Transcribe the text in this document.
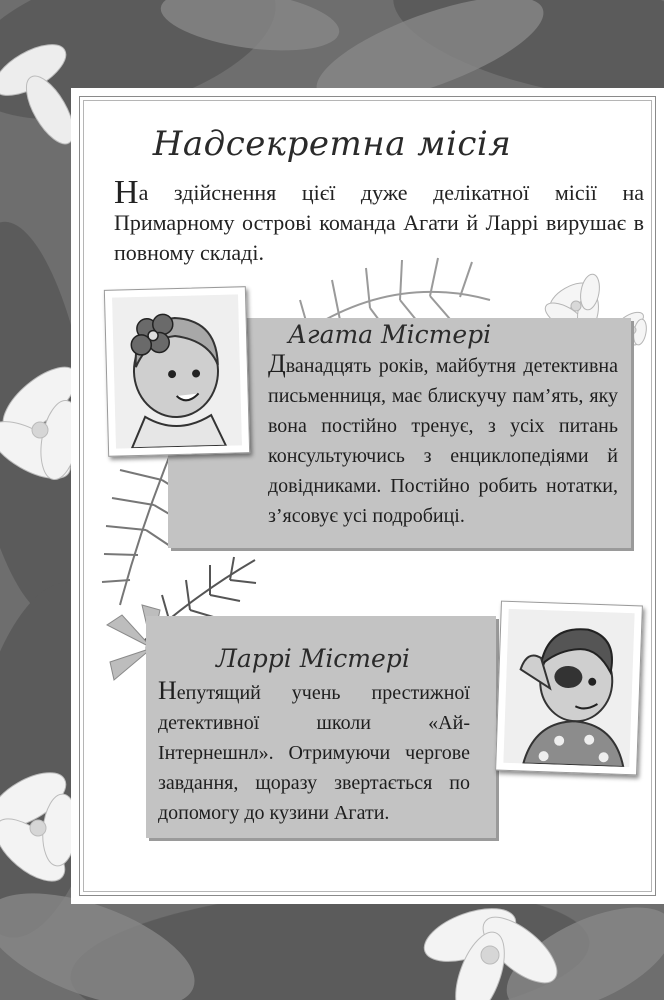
Надсекретна місія
На здійснення цієї дуже делікатної місії на Примарному острові команда Агати й Ларрі вирушає в повному складі.
Агата Містері
Дванадцять років, майбутня детективна письменниця, має блискучу пам’ять, яку вона постійно тренує, з усіх питань консультуючись з енциклопедіями й довідниками. Постійно робить нотатки, з’ясовує усі подробиці.
Ларрі Містері
Непутящий учень престижної детективної школи «Ай-Інтернешнл». Отримуючи чергове завдання, щоразу звертається по допомогу до кузини Агати.
